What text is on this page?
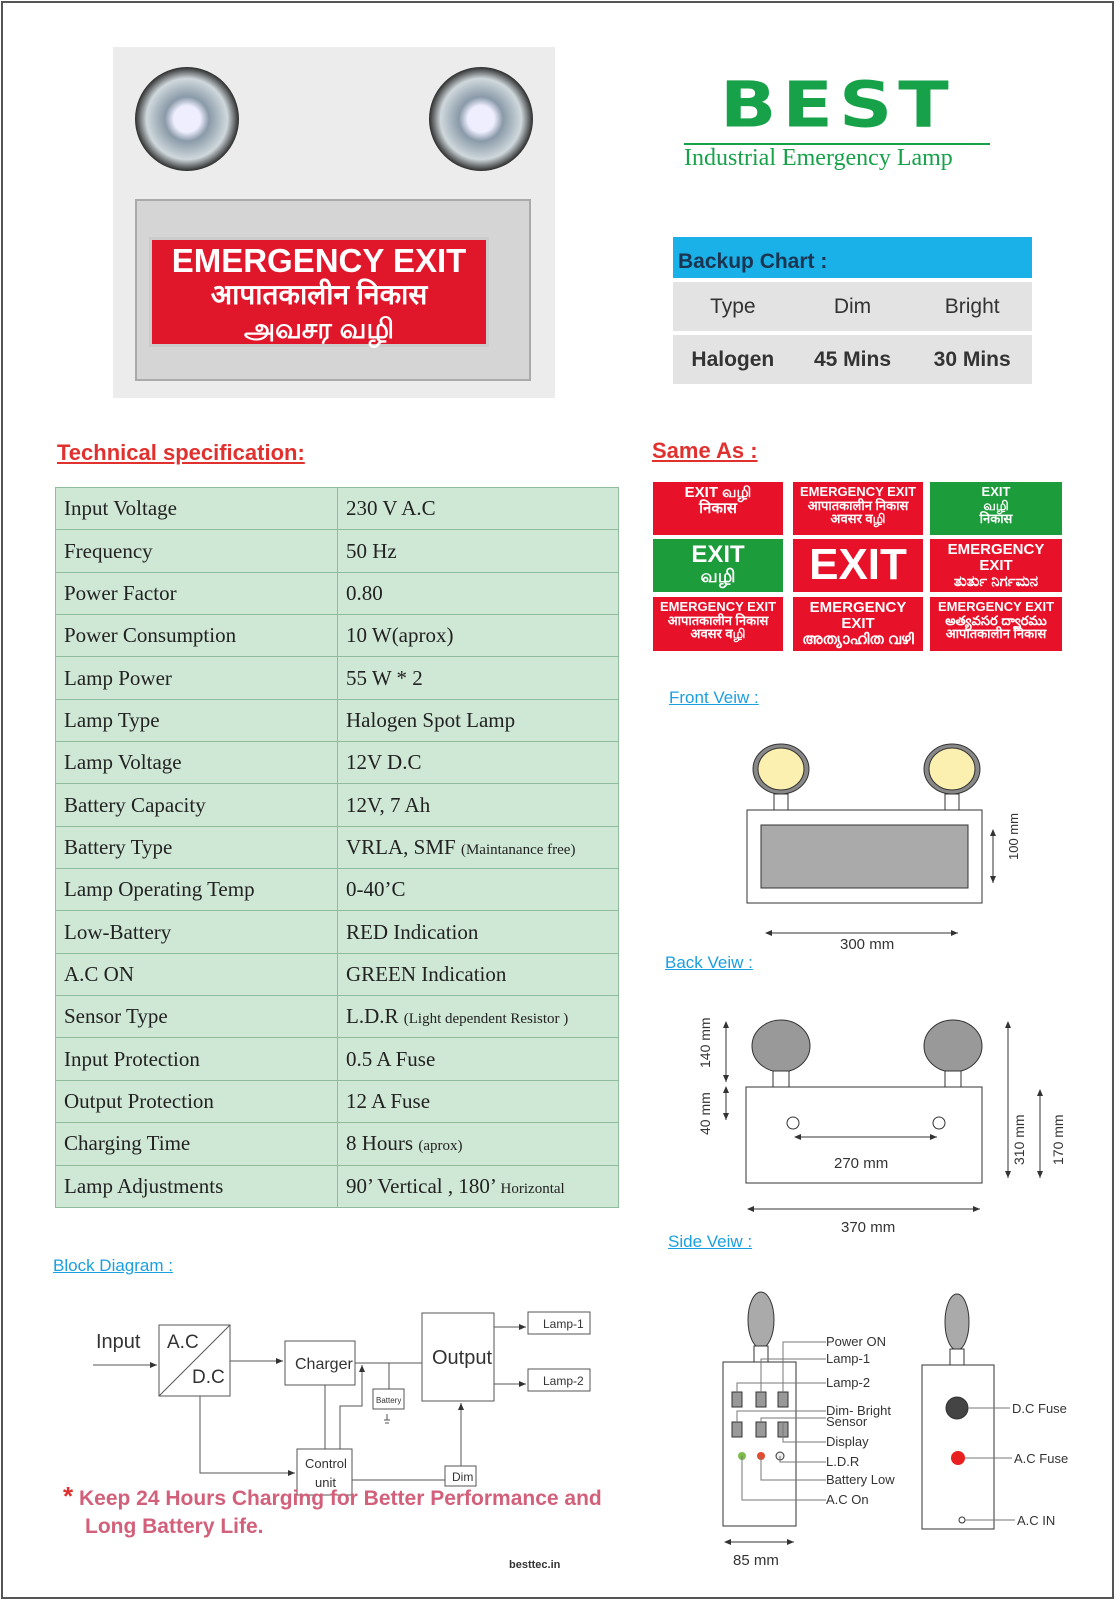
EMERGENCY EXIT
आपातकालीन निकास
அவசர வழி
BEST
Industrial Emergency Lamp
Backup Chart :
Type	Dim	Bright
Halogen	45 Mins	30 Mins
Technical specification:
Input Voltage	230 V A.C
Frequency	50 Hz
Power Factor	0.80
Power Consumption	10 W(aprox)
Lamp Power	55 W * 2
Lamp Type	Halogen Spot Lamp
Lamp Voltage	12V D.C
Battery Capacity	12V, 7 Ah
Battery Type	VRLA, SMF (Maintanance free)
Lamp Operating Temp	0-40’C
Low-Battery	RED Indication
A.C ON	GREEN Indication
Sensor Type	L.D.R (Light dependent Resistor )
Input Protection	0.5 A Fuse
Output Protection	12 A Fuse
Charging Time	8 Hours (aprox)
Lamp Adjustments	90’ Vertical , 180’ Horizontal
Same As :
EXIT வழி
निकास
EMERGENCY EXIT
आपातकालीन निकास
अवसर वழி
EXIT
வழி
निकास
EXIT
வழி	EXIT	EMERGENCY EXIT
ತುರ್ತು ನಿರ್ಗಮನ
EMERGENCY EXIT
आपातकालीन निकास
अवसर वழி
EMERGENCY EXIT
അത്യാഹിത വഴി
EMERGENCY EXIT
అత్యవసర ద్వారము
आपातकालीन निकास
Front Veiw :
Back Veiw :
Side Veiw :
Block Diagram :
100 mm
300 mm
140 mm
40 mm
270 mm
370 mm
310 mm 170 mm
Power ON
Lamp-1
Lamp-2
Dim- Bright
Sensor
Display
L.D.R
Battery Low
A.C On
85 mm
D.C Fuse
A.C Fuse
A.C IN
Input A.C
D.C
Charger	Output
Lamp-1
Lamp-2
Battery
Control
unit	Dim
* Keep 24 Hours Charging for Better Performance and
Long Battery Life.
besttec.in
